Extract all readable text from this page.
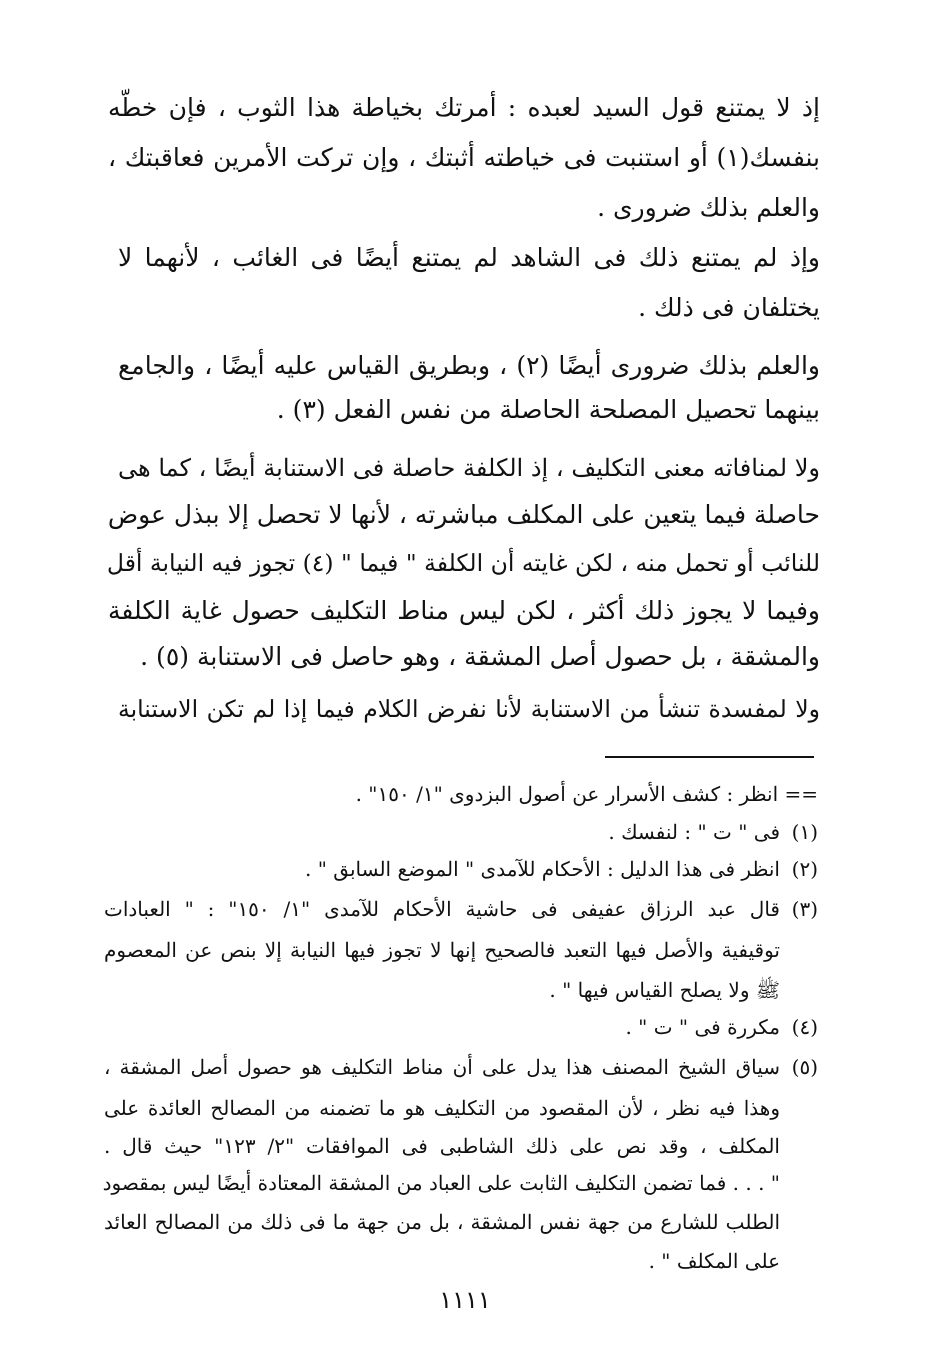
إذ لا يمتنع قول السيد لعبده : أمرتك بخياطة هذا الثوب ، فإن خطّه
بنفسك(١) أو استنبت فى خياطته أثبتك ، وإن تركت الأمرين فعاقبتك ،
والعلم بذلك ضرورى .
وإذ لم يمتنع ذلك فى الشاهد لم يمتنع أيضًا فى الغائب ، لأنهما لا
يختلفان فى ذلك .
والعلم بذلك ضرورى أيضًا (٢) ، وبطريق القياس عليه أيضًا ، والجامع
بينهما تحصيل المصلحة الحاصلة من نفس الفعل (٣) .
ولا لمنافاته معنى التكليف ، إذ الكلفة حاصلة فى الاستنابة أيضًا ، كما هى
حاصلة فيما يتعين على المكلف مباشرته ، لأنها لا تحصل إلا ببذل عوض
للنائب أو تحمل منه ، لكن غايته أن الكلفة " فيما " (٤) تجوز فيه النيابة أقل
وفيما لا يجوز ذلك أكثر ، لكن ليس مناط التكليف حصول غاية الكلفة
والمشقة ، بل حصول أصل المشقة ، وهو حاصل فى الاستنابة (٥) .
ولا لمفسدة تنشأ من الاستنابة لأنا نفرض الكلام فيما إذا لم تكن الاستنابة
== انظر : كشف الأسرار عن أصول البزدوى "١/ ١٥٠" .
(١)
فى " ت " : لنفسك .
(٢)
انظر فى هذا الدليل : الأحكام للآمدى " الموضع السابق " .
(٣)
قال عبد الرزاق عفيفى فى حاشية الأحكام للآمدى "١/ ١٥٠" : " العبادات
توقيفية والأصل فيها التعبد فالصحيح إنها لا تجوز فيها النيابة إلا بنص عن المعصوم
ﷺ ولا يصلح القياس فيها " .
(٤)
مكررة فى " ت " .
(٥)
سياق الشيخ المصنف هذا يدل على أن مناط التكليف هو حصول أصل المشقة ،
وهذا فيه نظر ، لأن المقصود من التكليف هو ما تضمنه من المصالح العائدة على
المكلف ، وقد نص على ذلك الشاطبى فى الموافقات "٢/ ١٢٣" حيث قال .
" . . . فما تضمن التكليف الثابت على العباد من المشقة المعتادة أيضًا ليس بمقصود
الطلب للشارع من جهة نفس المشقة ، بل من جهة ما فى ذلك من المصالح العائد
على المكلف " .
١١١١
